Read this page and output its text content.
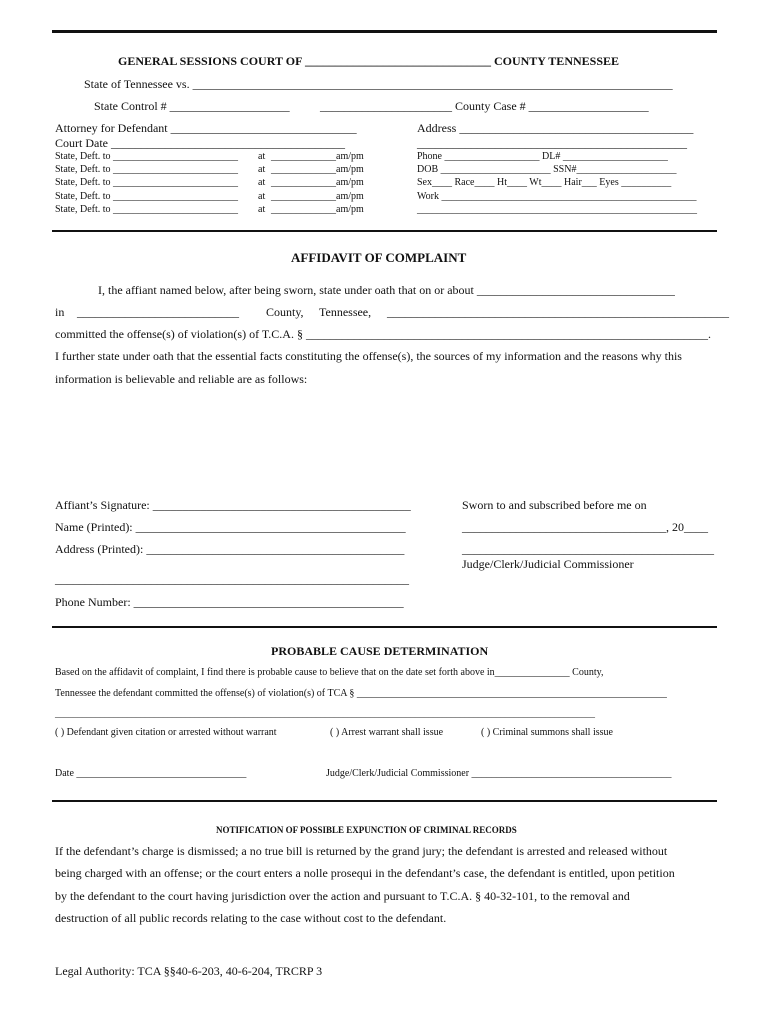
GENERAL SESSIONS COURT OF _______________________________ COUNTY TENNESSEE
State of Tennessee vs. ________________________________________________________________________________
State Control # ____________________	______________________ County Case # ____________________
Attorney for Defendant _______________________________
Court Date _______________________________________
State, Deft. to _________________________ at _____________am/pm
State, Deft. to _________________________ at _____________am/pm
State, Deft. to _________________________ at _____________am/pm
State, Deft. to _________________________ at _____________am/pm
State, Deft. to _________________________ at _____________am/pm
Address _______________________________________
_____________________________________________
Phone ___________________ DL# _____________________
DOB ______________________ SSN#____________________
Sex____ Race____ Ht____ Wt____ Hair___ Eyes __________
Work ___________________________________________________
________________________________________________________
AFFIDAVIT OF COMPLAINT
I, the affiant named below, after being sworn, state under oath that on or about _________________________________
in ___________________________ County, Tennessee, _________________________________________________________
committed the offense(s) of violation(s) of T.C.A. § ___________________________________________________________________.
I further state under oath that the essential facts constituting the offense(s), the sources of my information and the reasons why this
information is believable and reliable are as follows:
Affiant’s Signature: ___________________________________________
Name (Printed): _____________________________________________
Address (Printed): ___________________________________________
___________________________________________________________
Phone Number: _____________________________________________
Sworn to and subscribed before me on
__________________________________, 20____
__________________________________________
Judge/Clerk/Judicial Commissioner
PROBABLE CAUSE DETERMINATION
Based on the affidavit of complaint, I find there is probable cause to believe that on the date set forth above in_______________ County,
Tennessee the defendant committed the offense(s) of violation(s) of TCA § ______________________________________________________________
________________________________________________________________________________________________________________________
( ) Defendant given citation or arrested without warrant	( ) Arrest warrant shall issue	( ) Criminal summons shall issue
Date __________________________________	Judge/Clerk/Judicial Commissioner ________________________________________
NOTIFICATION OF POSSIBLE EXPUNCTION OF CRIMINAL RECORDS
If the defendant’s charge is dismissed; a no true bill is returned by the grand jury; the defendant is arrested and released without
being charged with an offense; or the court enters a nolle prosequi in the defendant’s case, the defendant is entitled, upon petition
by the defendant to the court having jurisdiction over the action and pursuant to T.C.A. § 40-32-101, to the removal and
destruction of all public records relating to the case without cost to the defendant.
Legal Authority: TCA §§40-6-203, 40-6-204, TRCRP 3
